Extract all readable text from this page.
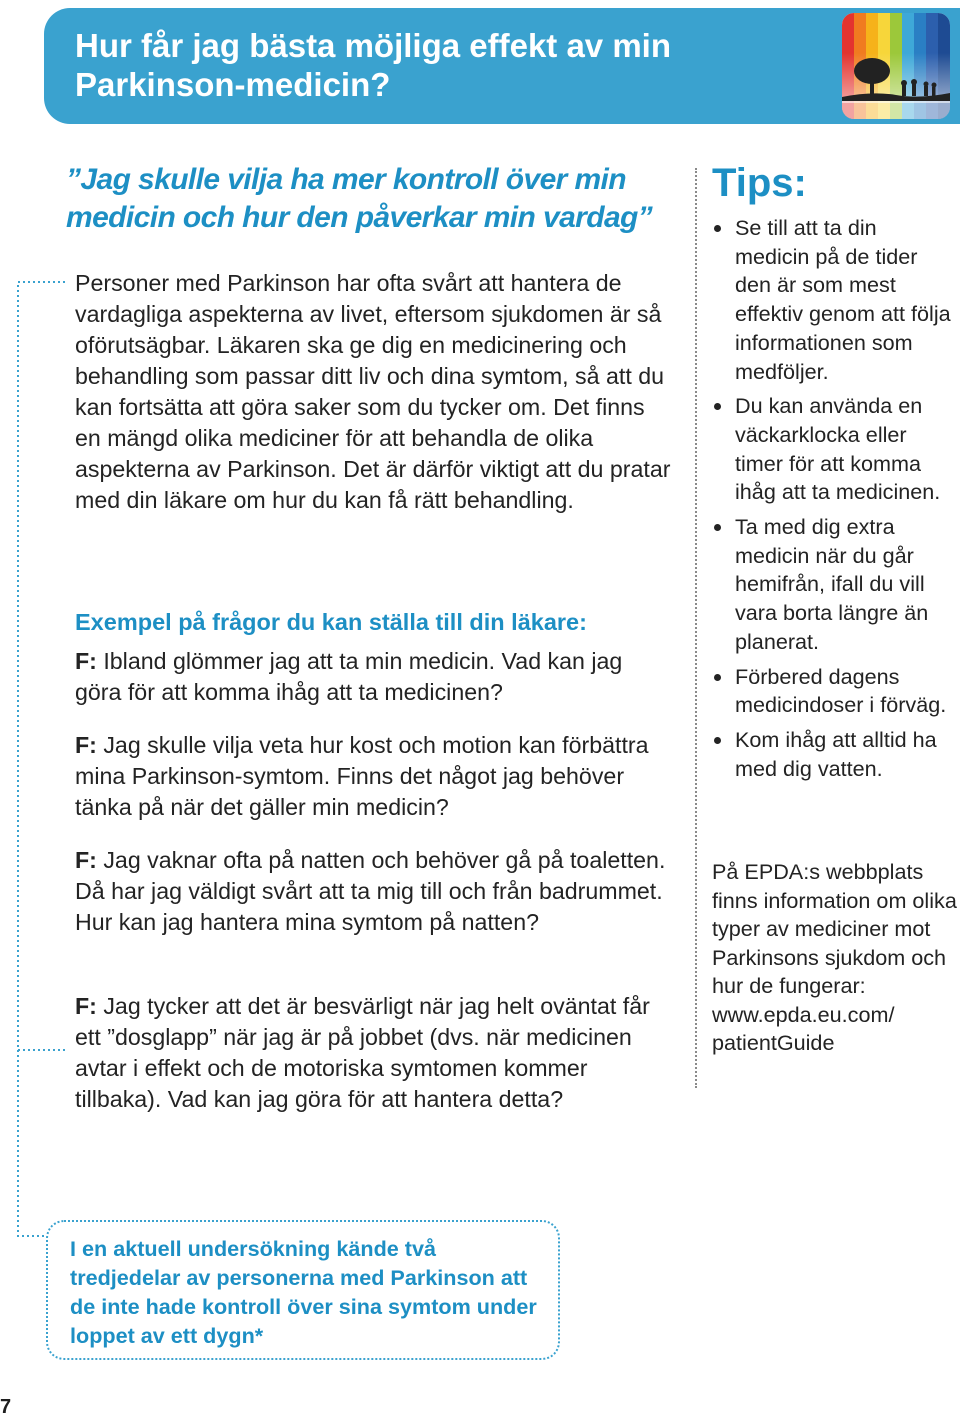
Hur får jag bästa möjliga effekt av min Parkinson-medicin?
”Jag skulle vilja ha mer kontroll över min medicin och hur den påverkar min vardag”
Personer med Parkinson har ofta svårt att hantera de vardagliga aspekterna av livet, eftersom sjukdomen är så oförutsägbar. Läkaren ska ge dig en medicinering och behandling som passar ditt liv och dina symtom, så att du kan fortsätta att göra saker som du tycker om. Det finns en mängd olika mediciner för att behandla de olika aspekterna av Parkinson. Det är därför viktigt att du pratar med din läkare om hur du kan få rätt behandling.
Exempel på frågor du kan ställa till din läkare:
F: Ibland glömmer jag att ta min medicin. Vad kan jag göra för att komma ihåg att ta medicinen?
F: Jag skulle vilja veta hur kost och motion kan förbättra mina Parkinson-symtom. Finns det något jag behöver tänka på när det gäller min medicin?
F: Jag vaknar ofta på natten och behöver gå på toaletten. Då har jag väldigt svårt att ta mig till och från badrummet. Hur kan jag hantera mina symtom på natten?
F: Jag tycker att det är besvärligt när jag helt oväntat får ett ”dosglapp” när jag är på jobbet (dvs. när medicinen avtar i effekt och de motoriska symtomen kommer tillbaka). Vad kan jag göra för att hantera detta?
Tips:
Se till att ta din medicin på de tider den är som mest effektiv genom att följa informationen som medföljer.
Du kan använda en väckarklocka eller timer för att komma ihåg att ta medicinen.
Ta med dig extra medicin när du går hemifrån, ifall du vill vara borta längre än planerat.
Förbered dagens medicindoser i förväg.
Kom ihåg att alltid ha med dig vatten.
På EPDA:s webbplats finns information om olika typer av mediciner mot Parkinsons sjukdom och hur de fungerar: www.epda.eu.com/ patientGuide
I en aktuell undersökning kände två tredjedelar av personerna med Parkinson att de inte hade kontroll över sina symtom under loppet av ett dygn*
7
